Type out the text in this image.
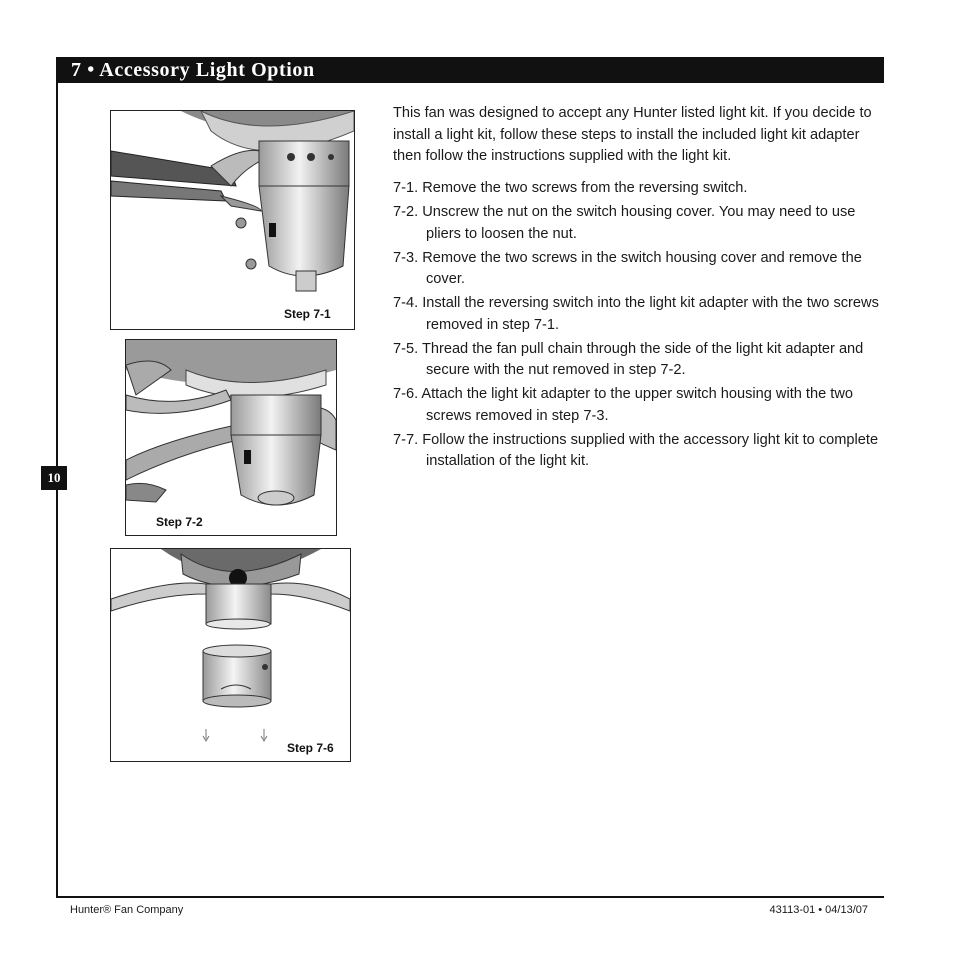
7 • Accessory Light Option
10
Step 7-1
Step 7-2
Step 7-6
This fan was designed to accept any Hunter listed light kit. If you decide to install a light kit, follow these steps to install the included light kit adapter then follow the instructions supplied with the light kit.
7-1. Remove the two screws from the reversing switch.
7-2. Unscrew the nut on the switch housing cover. You may need to use pliers to loosen the nut.
7-3. Remove the two screws in the switch housing cover and remove the cover.
7-4. Install the reversing switch into the light kit adapter with the two screws removed in step 7-1.
7-5. Thread the fan pull chain through the side of the light kit adapter and secure with the nut removed in step 7-2.
7-6. Attach the light kit adapter to the upper switch housing with the two screws removed in step 7-3.
7-7. Follow the instructions supplied with the accessory light kit to complete installation of the light kit.
Hunter® Fan Company	43113-01 • 04/13/07
